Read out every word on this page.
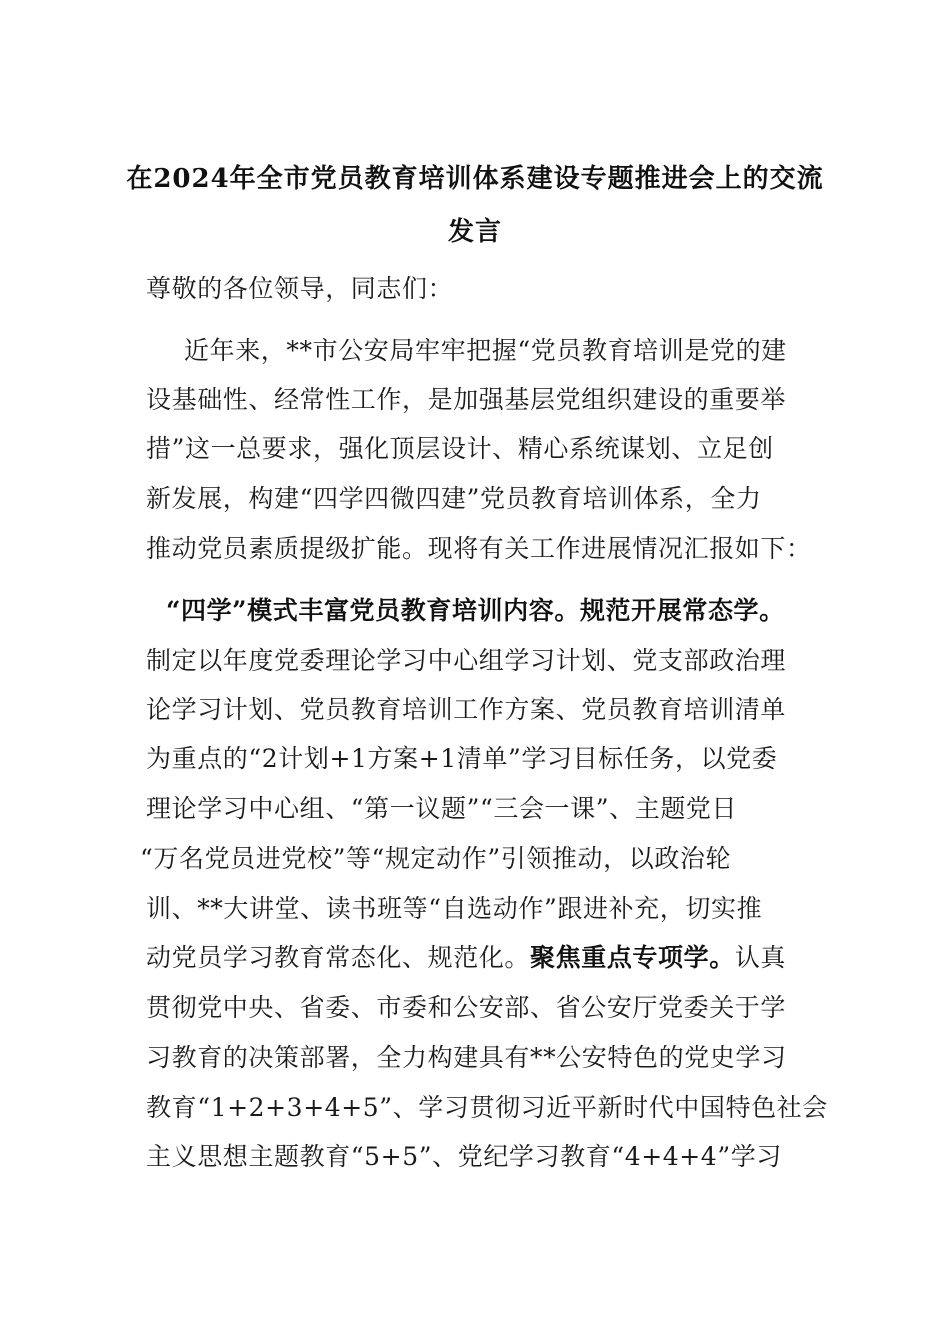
在2024年全市党员教育培训体系建设专题推进会上的交流
发言
尊敬的各位领导，同志们：
近年来，**市公安局牢牢把握“党员教育培训是党的建
设基础性、经常性工作，是加强基层党组织建设的重要举
措”这一总要求，强化顶层设计、精心系统谋划、立足创
新发展，构建“四学四微四建”党员教育培训体系，全力
推动党员素质提级扩能。现将有关工作进展情况汇报如下：
“四学”模式丰富党员教育培训内容。规范开展常态学。
制定以年度党委理论学习中心组学习计划、党支部政治理
论学习计划、党员教育培训工作方案、党员教育培训清单
为重点的“2计划+1方案+1清单”学习目标任务，以党委
理论学习中心组、“第一议题”“三会一课”、主题党日
“万名党员进党校”等“规定动作”引领推动，以政治轮
训、**大讲堂、读书班等“自选动作”跟进补充，切实推
动党员学习教育常态化、规范化。聚焦重点专项学。认真
贯彻党中央、省委、市委和公安部、省公安厅党委关于学
习教育的决策部署，全力构建具有**公安特色的党史学习
教育“1+2+3+4+5”、学习贯彻习近平新时代中国特色社会
主义思想主题教育“5+5”、党纪学习教育“4+4+4”学习
